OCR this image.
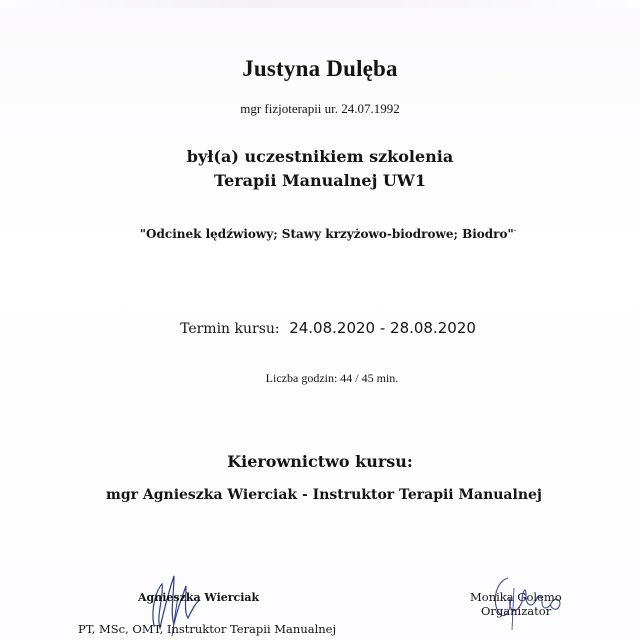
Justyna Dulęba
mgr fizjoterapii ur. 24.07.1992
był(a) uczestnikiem szkolenia
Terapii Manualnej UW1
"Odcinek lędźwiowy; Stawy krzyżowo-biodrowe; Biodro"·
Termin kursu: 24.08.2020 - 28.08.2020
Liczba godzin: 44 / 45 min.
Kierownictwo kursu:
mgr Agnieszka Wierciak - Instruktor Terapii Manualnej
Agnieszka Wierciak
PT, MSc, OMT, Instruktor Terapii Manualnej
Monika Golemo
Organizator
